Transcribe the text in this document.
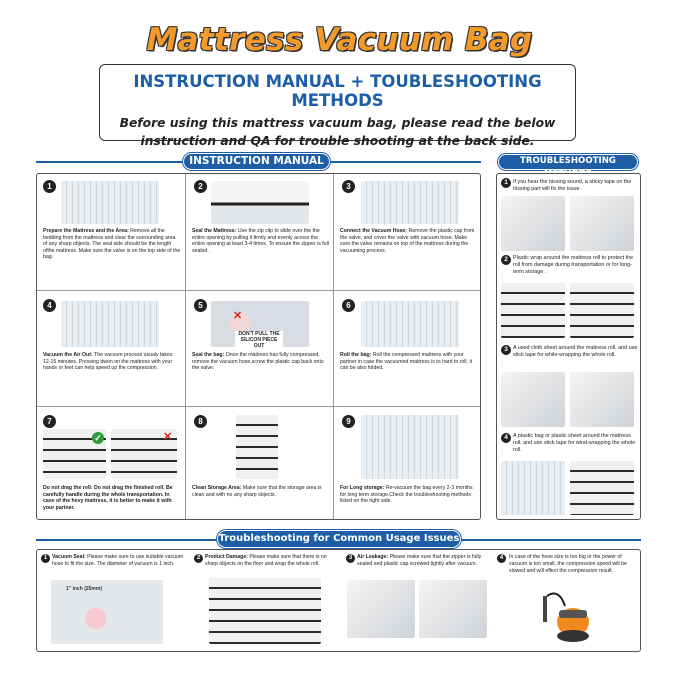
Mattress Vacuum Bag
INSTRUCTION MANUAL + TOUBLESHOOTING METHODS
Before using this mattress vacuum bag, please read the below instruction and QA for trouble shooting at the back side.
INSTRUCTION MANUAL	TROUBLESHOOTING METHODS
1
Prepare the Mattress and the Area: Remove all the bedding from the mattress and clear the surrounding area of any sharp objects. The seal side should be the length ofthe mattress. Make sure the valve is on the top side of the bag.
2
Seal the Mattress: Use the zip clip to slide over the the entire opening by pulling it firmly and evenly across the entire opening at least 3-4 times. To ensure the zipper is full sealed .
3
Connect the Vacuum Hose: Remove the plastic cap from the valve, and cover the valve with vacuum hose. Make sure the valve remains on top of the mattress during the vacuuming process.
4
Vacuum the Air Out: The vacuum process usualy takes 12-15 minutes. Pressing dwon on the mattress with your hands or feet can help speed up the compression.
5
✕
DON'T PULL THE SILICON PIECE OUT
Seal the bag: Once the mattress has fully compressed, remove the vacuum hose,screw the plastic cap back onto the valve.
6
Roll the bag: Roll the compressed mattress with your partner in case the vacuumed mattress is to hard to roll, it can be also folded.
7
✓	✕
Do not drag the roll: Do not drag the finished roll. Be carefully handle during the whole transportation. In case of the hevy mattress, it is better to make it with your partner.
8
Clean Storage Area: Make sure that the storage area is clean and with no any sharp objects.
9
For Long storage: Re-vacuum the bag every 2-3 months for long term storage.Check the troubleshooting methods listed on the right side.
1 If you hear the hissing sound, a sticky tape on the hissing part will fix the issue .
2 Plastic wrap around the mattress roll to protect the roll from damage during transportation or for long-term storage .
3 A used cloth sheet around the mattress roll, and use stick tape for while-wrapping the whole roll.
4 A plastic bag or plastic sheet around the mattress roll, and use stick tape for wind-wrapping the whole roll.
Troubleshooting for Common Usage Issues
1 Vacuum Seal: Please make sure to use suitable vacuum hose to fit the size. The diameter of vacuum is 1 inch.
1" inch (25mm)
2 Product Damage: Please make sure that there is no sharp objects on the floor and wrap the whole roll.
3 Air Leakage: Please make sure that the zipper is fully sealed and plastic cap screwed tightly after vacuum.
4	In case of the hose size is too big or the power of vacuum is too small, the compression speed will be slowed and will effect the compression result.
